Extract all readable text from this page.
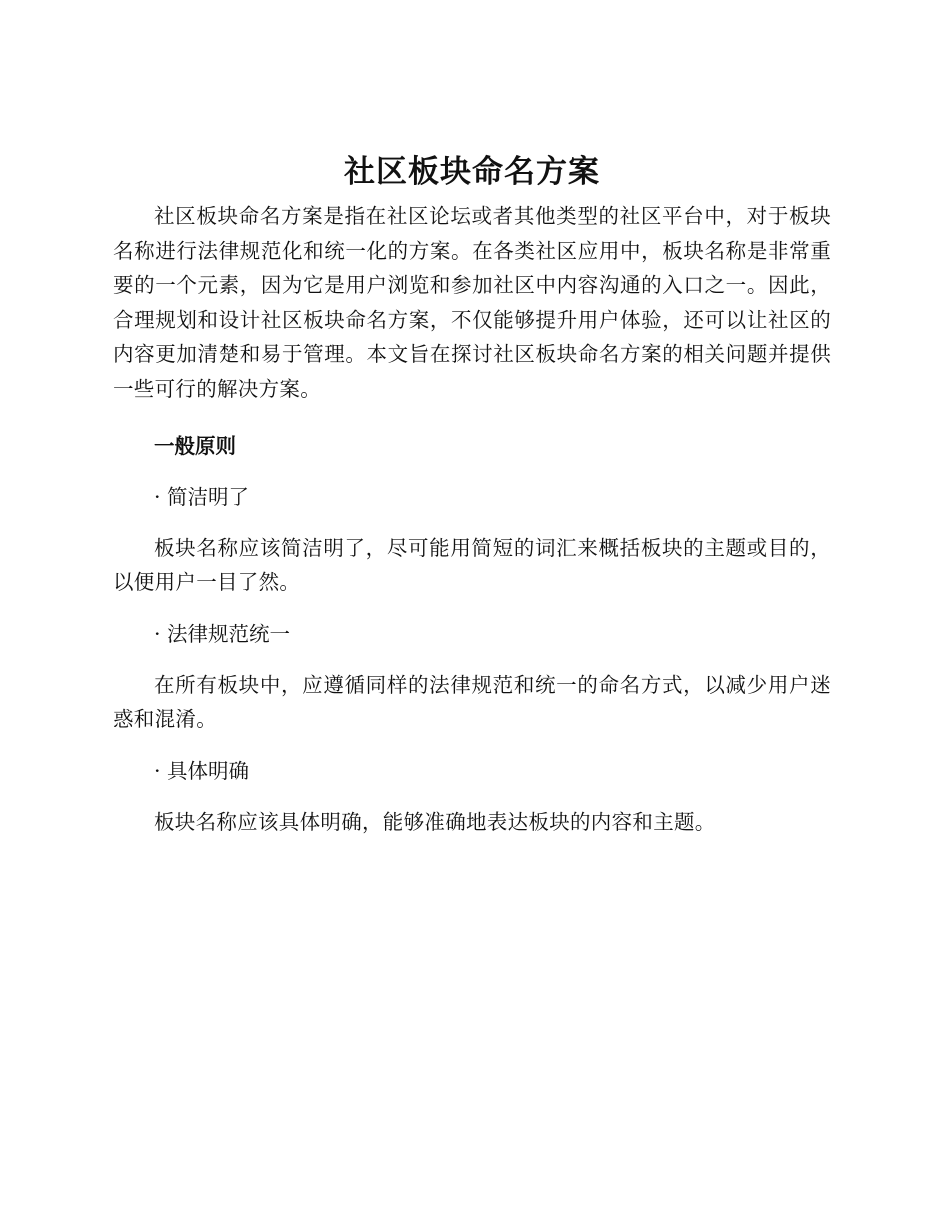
社区板块命名方案

社区板块命名方案是指在社区论坛或者其他类型的社区平台中，对于板块名称进行法律规范化和统一化的方案。在各类社区应用中，板块名称是非常重要的一个元素，因为它是用户浏览和参加社区中内容沟通的入口之一。因此，合理规划和设计社区板块命名方案，不仅能够提升用户体验，还可以让社区的内容更加清楚和易于管理。本文旨在探讨社区板块命名方案的相关问题并提供一些可行的解决方案。

一般原则
· 简洁明了

板块名称应该简洁明了，尽可能用简短的词汇来概括板块的主题或目的，以便用户一目了然。

· 法律规范统一

在所有板块中，应遵循同样的法律规范和统一的命名方式，以减少用户迷惑和混淆。

· 具体明确

板块名称应该具体明确，能够准确地表达板块的内容和主题。
